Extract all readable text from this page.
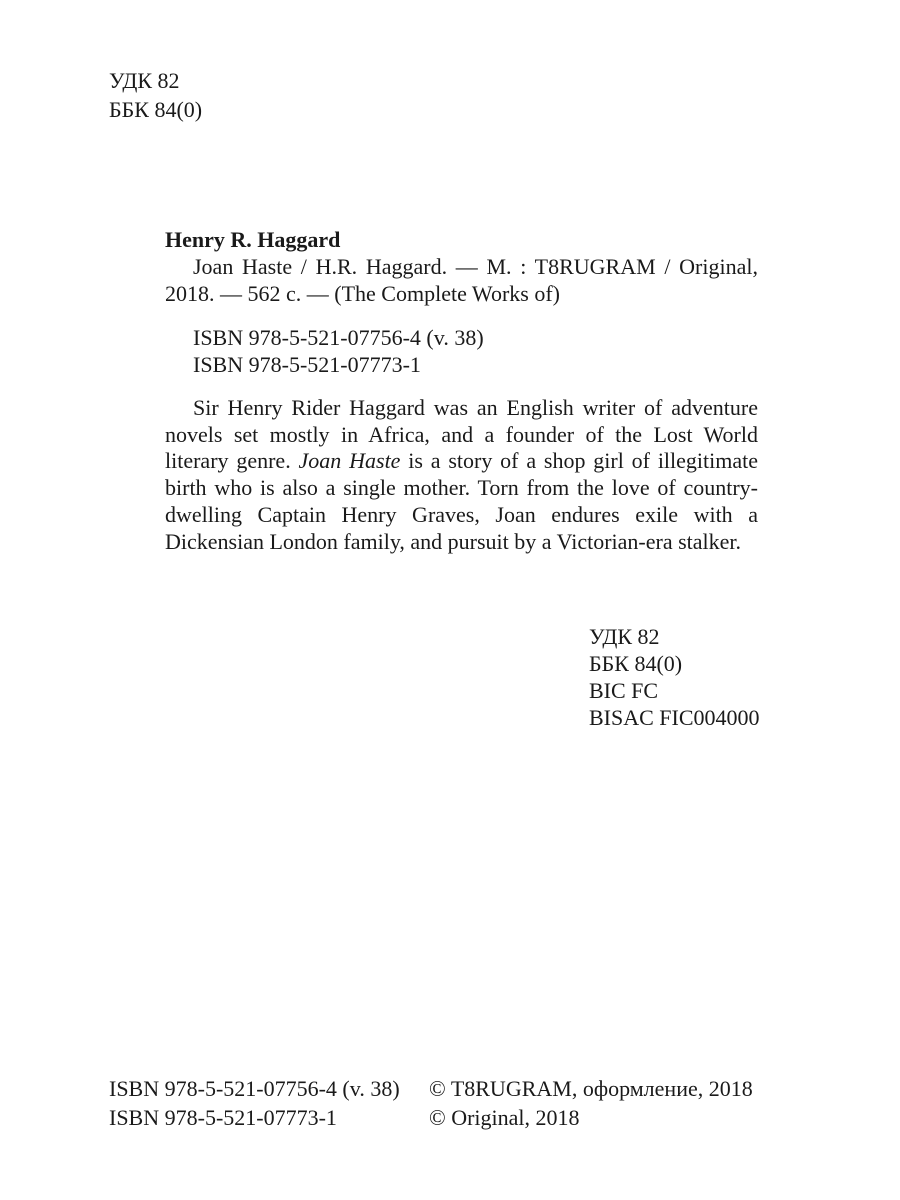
УДК 82
ББК 84(0)
Henry R. Haggard

Joan Haste / H.R. Haggard. — M. : T8RUGRAM / Original, 2018. — 562 с. — (The Complete Works of)

ISBN 978-5-521-07756-4 (v. 38)
ISBN 978-5-521-07773-1
Sir Henry Rider Haggard was an English writer of adventure novels set mostly in Africa, and a founder of the Lost World literary genre. Joan Haste is a story of a shop girl of illegitimate birth who is also a single mother. Torn from the love of country-dwelling Captain Henry Graves, Joan endures exile with a Dickensian London family, and pursuit by a Victorian-era stalker.
УДК 82
ББК 84(0)
BIC FC
BISAC FIC004000
ISBN 978-5-521-07756-4 (v. 38)
ISBN 978-5-521-07773-1
© T8RUGRAM, оформление, 2018
© Original, 2018
